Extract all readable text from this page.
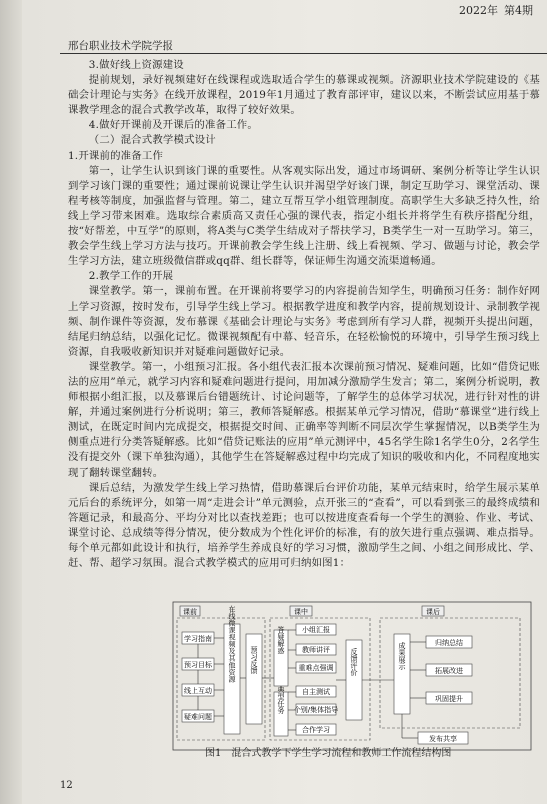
2022年 第4期
邢台职业技术学院学报

3.做好线上资源建设

提前规划，录好视频建好在线课程或选取适合学生的慕课或视频。济源职业技术学院建设的《基础会计理论与实务》在线开放课程，2019年1月通过了教育部评审，建议以来，不断尝试应用基于慕课教学理念的混合式教学改革，取得了较好效果。

4.做好开课前及开课后的准备工作。

（二）混合式教学模式设计

1.开课前的准备工作

第一，让学生认识到该门课的重要性。从客观实际出发，通过市场调研、案例分析等让学生认识到学习该门课的重要性；通过课前说课让学生认识并渴望学好该门课，制定互助学习、课堂活动、课程考核等制度，加强监督与管理。第二，建立互帮互学小组管理制度。高职学生大多缺乏持久性，给线上学习带来困难。选取综合素质高又责任心强的课代表，指定小组长并将学生有秩序搭配分组，按“好帮差，中互学”的原则，将A类与C类学生结成对子帮扶学习，B类学生一对一互助学习。第三，教会学生线上学习方法与技巧。开课前教会学生线上注册、线上看视频、学习、做题与讨论，教会学生学习方法，建立班级微信群或qq群、组长群等，保证师生沟通交流渠道畅通。

2.教学工作的开展

课堂教学。第一，课前布置。在开课前将要学习的内容提前告知学生，明确预习任务：制作好网上学习资源，按时发布，引导学生线上学习。根据教学进度和教学内容，提前规划设计、录制教学视频、制作课件等资源，发布慕课《基础会计理论与实务》考虑到所有学习人群，视频开头提出问题，结尾归纳总结，以强化记忆。微课视频配有中幕、轻音乐，在轻松愉悦的环境中，引导学生预习线上资源，自我吸收新知识并对疑难问题做好记录。

课堂教学。第一，小组预习汇报。各小组代表汇报本次课前预习情况、疑难问题，比如“借贷记账法的应用”单元，就学习内容和疑难问题进行提问，用加减分激励学生发言；第二，案例分析说明，教师根据小组汇报，以及慕课后台错题统计、讨论问题等，了解学生的总体学习状况，进行针对性的讲解，并通过案例进行分析说明；第三，教师答疑解惑。根据某单元学习情况，借助“慕课堂”进行线上测试，在既定时间内完成提交，根据提交时间、正确率等判断不同层次学生掌握情况，以B类学生为侧重点进行分类答疑解惑。比如“借贷记账法的应用”单元测评中，45名学生除1名学生0分，2名学生没有提交外（课下单独沟通），其他学生在答疑解惑过程中均完成了知识的吸收和内化，不同程度地实现了翻转课堂翻转。

课后总结，为激发学生线上学习热情，借助慕课后台评价功能，某单元结束时，给学生展示某单元后台的系统评分，如第一周“走进会计”单元测验，点开张三的“查看”，可以看到张三的最终成绩和答题记录，和最高分、平均分对比以查找差距；也可以按进度查看每一个学生的测验、作业、考试、课堂讨论、总成绩等得分情况，使分数成为个性化评价的标准，有的放矢进行重点强调、难点指导。每个单元都如此设计和执行，培养学生养成良好的学习习惯，激励学生之间、小组之间形成比、学、赶、帮、超学习氛围。混合式教学模式的应用可归纳如图1：

课前	课中	课后
学习指南
预习目标
线上互动
疑难问题
在线微课视频及其他资源 预习反馈
答疑解惑
典型任务
小组汇报
教师讲评
重难点强调
自主测试
个别/集体指导
合作学习
反馈评价	成果展示	归纳总结
拓展改进
巩固提升
发布共享
图1　混合式教学下学生学习流程和教师工作流程结构图
12
